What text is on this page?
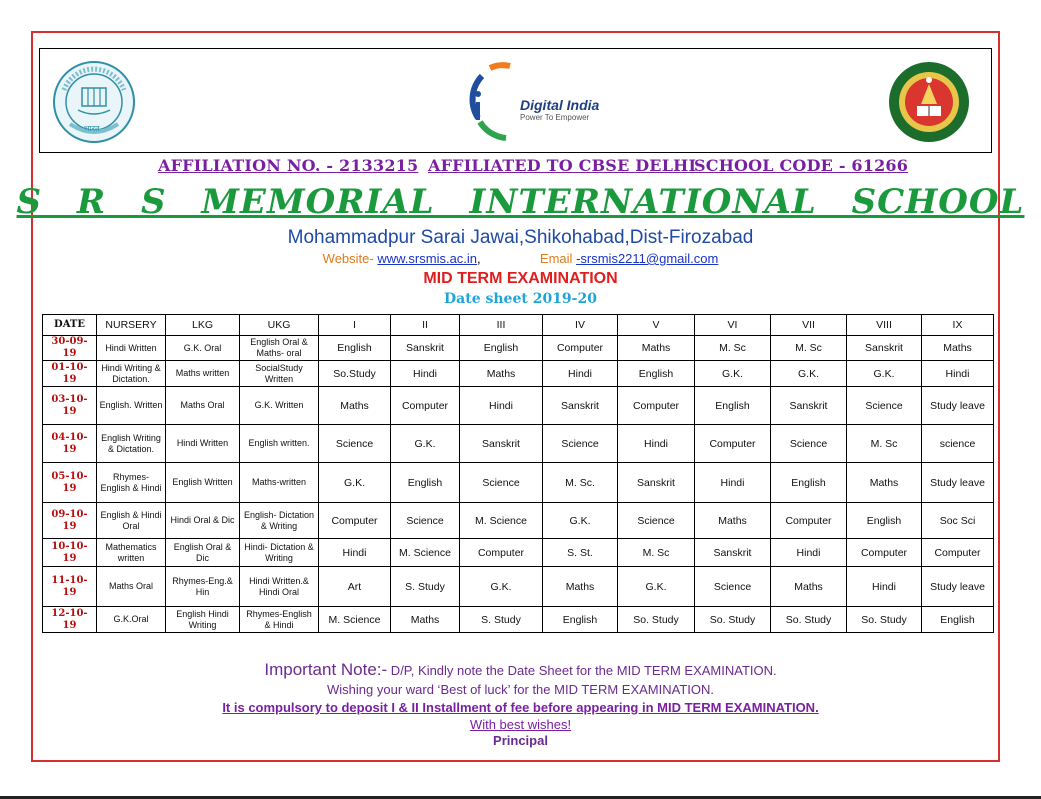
भारत
Digital India
Power To Empower
AFFILIATION NO. - 2133215 AFFILIATED TO CBSE DELHI
SCHOOL CODE - 61266
S R S MEMORIAL INTERNATIONAL SCHOOL
Mohammadpur Sarai Jawai,Shikohabad,Dist-Firozabad
Website- www.srsmis.ac.in,	Email -srsmis2211@gmail.com
MID TERM EXAMINATION
Date sheet 2019-20
DATE	NURSERY	LKG	UKG	I	II	III	IV	V	VI	VII	VIII	IX
30-09-19	Hindi Written	G.K. Oral	English Oral & Maths- oral	English	Sanskrit	English	Computer	Maths	M. Sc	M. Sc	Sanskrit	Maths
01-10-19	Hindi Writing & Dictation.	Maths written	SocialStudy Written	So.Study	Hindi	Maths	Hindi	English	G.K.	G.K.	G.K.	Hindi
03-10-19	English. Written	Maths Oral	G.K. Written	Maths	Computer	Hindi	Sanskrit	Computer	English	Sanskrit	Science	Study leave
04-10-19	English Writing & Dictation.	Hindi Written	English written.	Science	G.K.	Sanskrit	Science	Hindi	Computer	Science	M. Sc	science
05-10-19	Rhymes- English & Hindi	English Written	Maths-written	G.K.	English	Science	M. Sc.	Sanskrit	Hindi	English	Maths	Study leave
09-10-19	English & Hindi Oral	Hindi Oral & Dic	English- Dictation & Writing	Computer	Science	M. Science	G.K.	Science	Maths	Computer	English	Soc Sci
10-10-19	Mathematics written	English Oral & Dic	Hindi- Dictation & Writing	Hindi	M. Science	Computer	S. St.	M. Sc	Sanskrit	Hindi	Computer	Computer
11-10-19	Maths Oral	Rhymes-Eng.& Hin	Hindi Written.& Hindi Oral	Art	S. Study	G.K.	Maths	G.K.	Science	Maths	Hindi	Study leave
12-10-19	G.K.Oral	English Hindi Writing	Rhymes-English & Hindi	M. Science	Maths	S. Study	English	So. Study	So. Study	So. Study	So. Study	English
Important Note:- D/P, Kindly note the Date Sheet for the MID TERM EXAMINATION.
Wishing your ward ‘Best of luck’ for the MID TERM EXAMINATION.
It is compulsory to deposit I & II Installment of fee before appearing in MID TERM EXAMINATION.
With best wishes!
Principal
